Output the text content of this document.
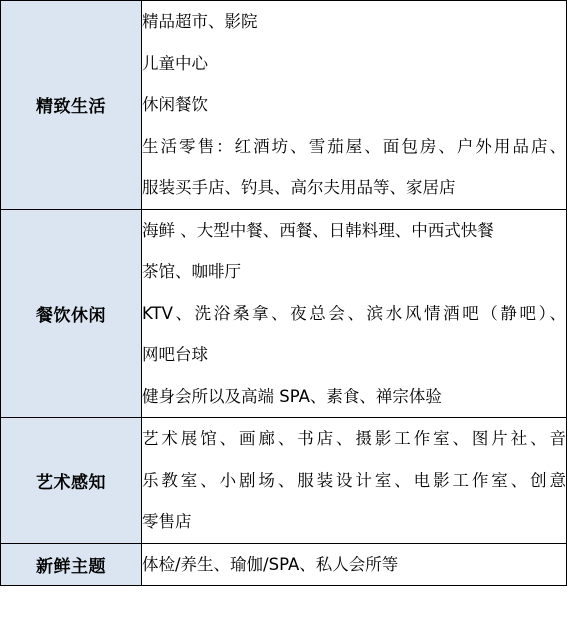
精致生活	精品超市、影院
儿童中心
休闲餐饮
生活零售：红酒坊、雪茄屋、面包房、户外用品店、
服装买手店、钓具、高尔夫用品等、家居店

餐饮休闲	海鲜 、大型中餐、西餐、日韩料理、中西式快餐
茶馆、咖啡厅
KTV、洗浴桑拿、夜总会、滨水风情酒吧（静吧）、
网吧台球
健身会所以及高端 SPA、素食、禅宗体验

艺术感知	艺术展馆、画廊、书店、摄影工作室、图片社、音
乐教室、小剧场、服装设计室、电影工作室、创意
零售店

新鲜主题	体检/养生、瑜伽/SPA、私人会所等
